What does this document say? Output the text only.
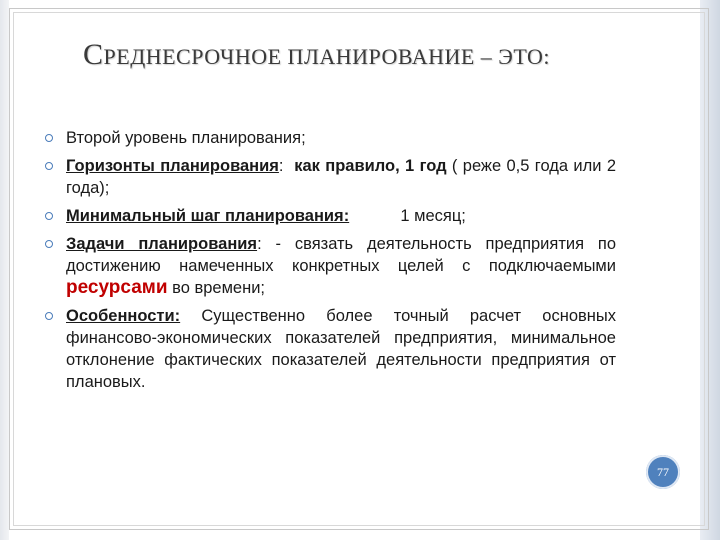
СРЕДНЕСРОЧНОЕ ПЛАНИРОВАНИЕ – ЭТО:
Второй уровень планирования;
Горизонты планирования: как правило, 1 год ( реже 0,5 года или 2 года);
Минимальный шаг планирования:	1 месяц;
Задачи планирования: - связать деятельность предприятия по достижению намеченных конкретных целей с подключаемыми ресурсами во времени;
Особенности: Существенно более точный расчет основных финансово-экономических показателей предприятия, минимальное отклонение фактических показателей деятельности предприятия от плановых.
77
